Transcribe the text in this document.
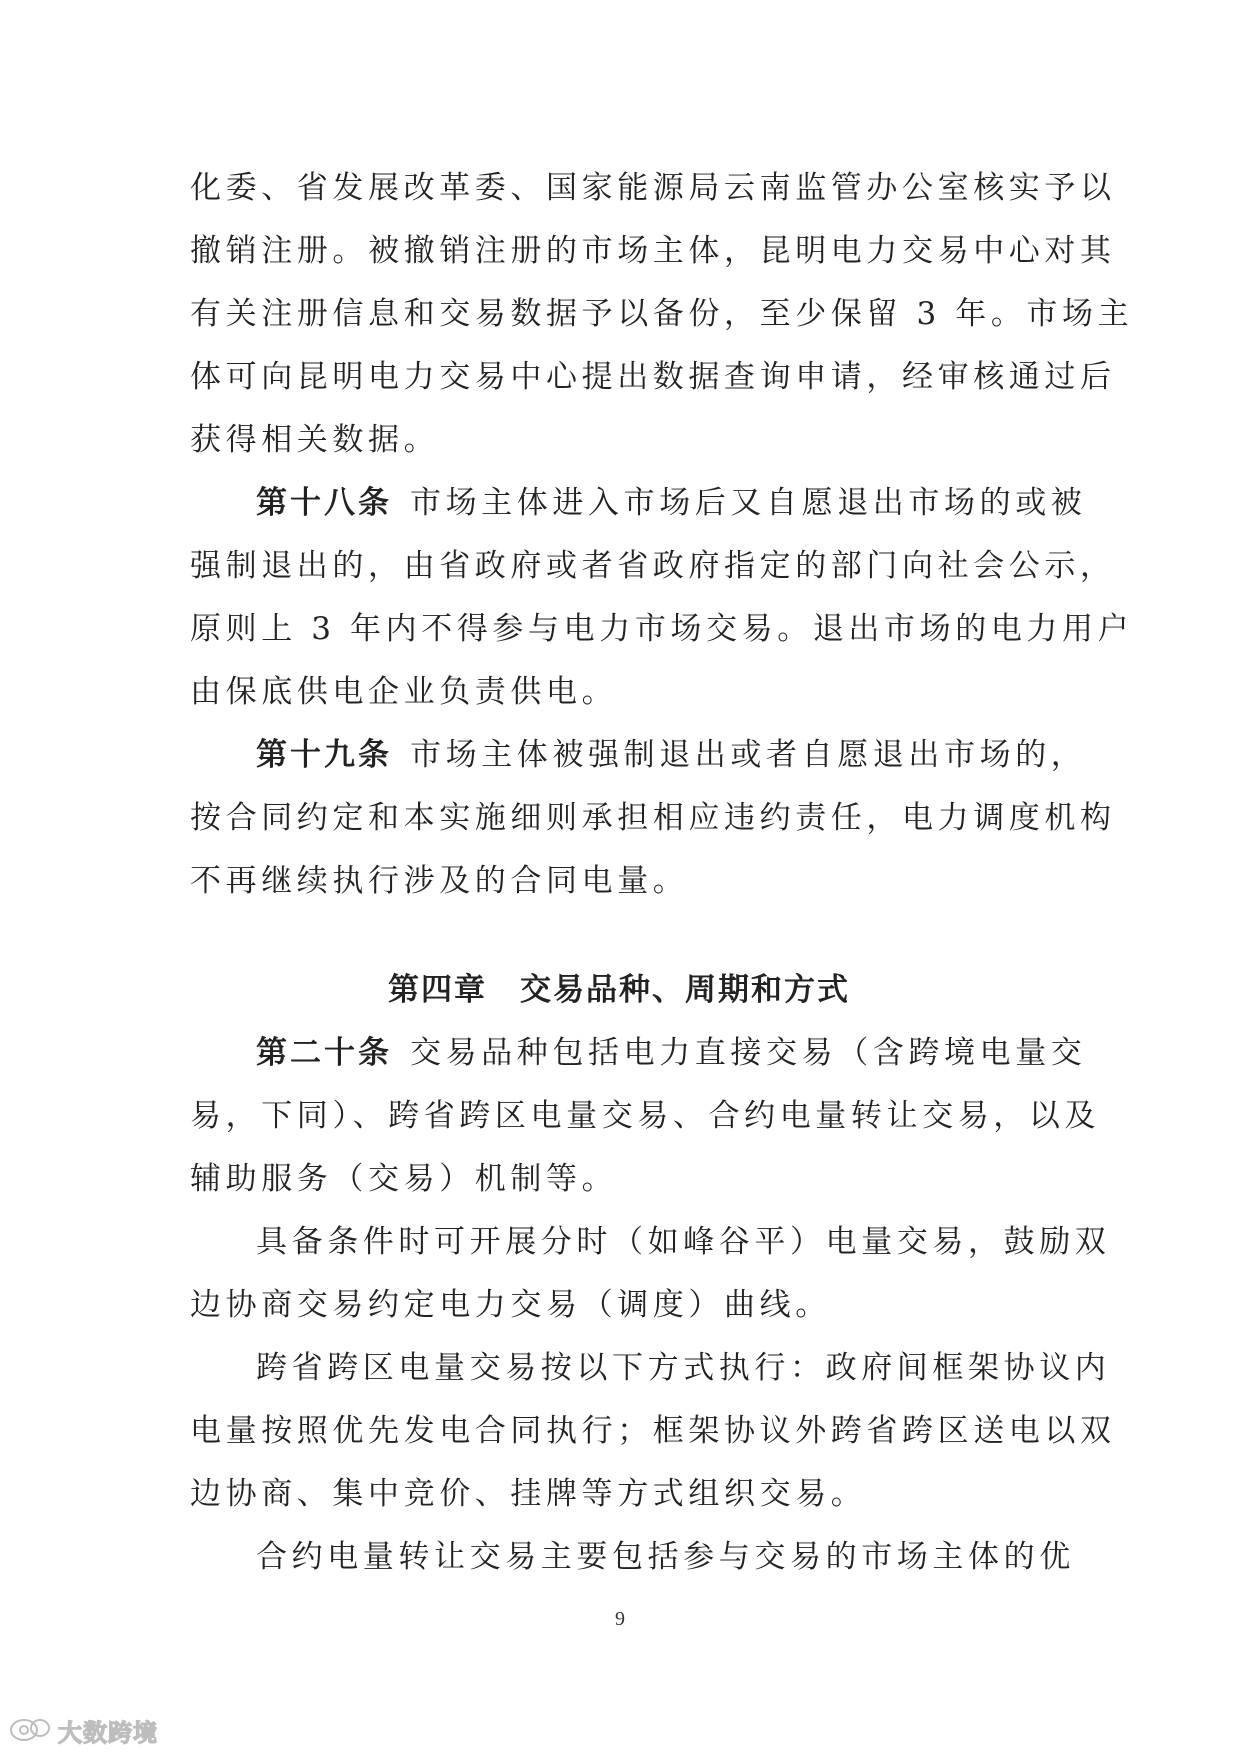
化委、省发展改革委、国家能源局云南监管办公室核实予以
撤销注册。被撤销注册的市场主体，昆明电力交易中心对其
有关注册信息和交易数据予以备份，至少保留 3 年。市场主
体可向昆明电力交易中心提出数据查询申请，经审核通过后
获得相关数据。
第十八条 市场主体进入市场后又自愿退出市场的或被
强制退出的，由省政府或者省政府指定的部门向社会公示，
原则上 3 年内不得参与电力市场交易。退出市场的电力用户
由保底供电企业负责供电。
第十九条 市场主体被强制退出或者自愿退出市场的，
按合同约定和本实施细则承担相应违约责任，电力调度机构
不再继续执行涉及的合同电量。
第四章　交易品种、周期和方式
第二十条 交易品种包括电力直接交易（含跨境电量交
易，下同）、跨省跨区电量交易、合约电量转让交易，以及
辅助服务（交易）机制等。
具备条件时可开展分时（如峰谷平）电量交易，鼓励双
边协商交易约定电力交易（调度）曲线。
跨省跨区电量交易按以下方式执行：政府间框架协议内
电量按照优先发电合同执行；框架协议外跨省跨区送电以双
边协商、集中竞价、挂牌等方式组织交易。
合约电量转让交易主要包括参与交易的市场主体的优
9
大数跨境
